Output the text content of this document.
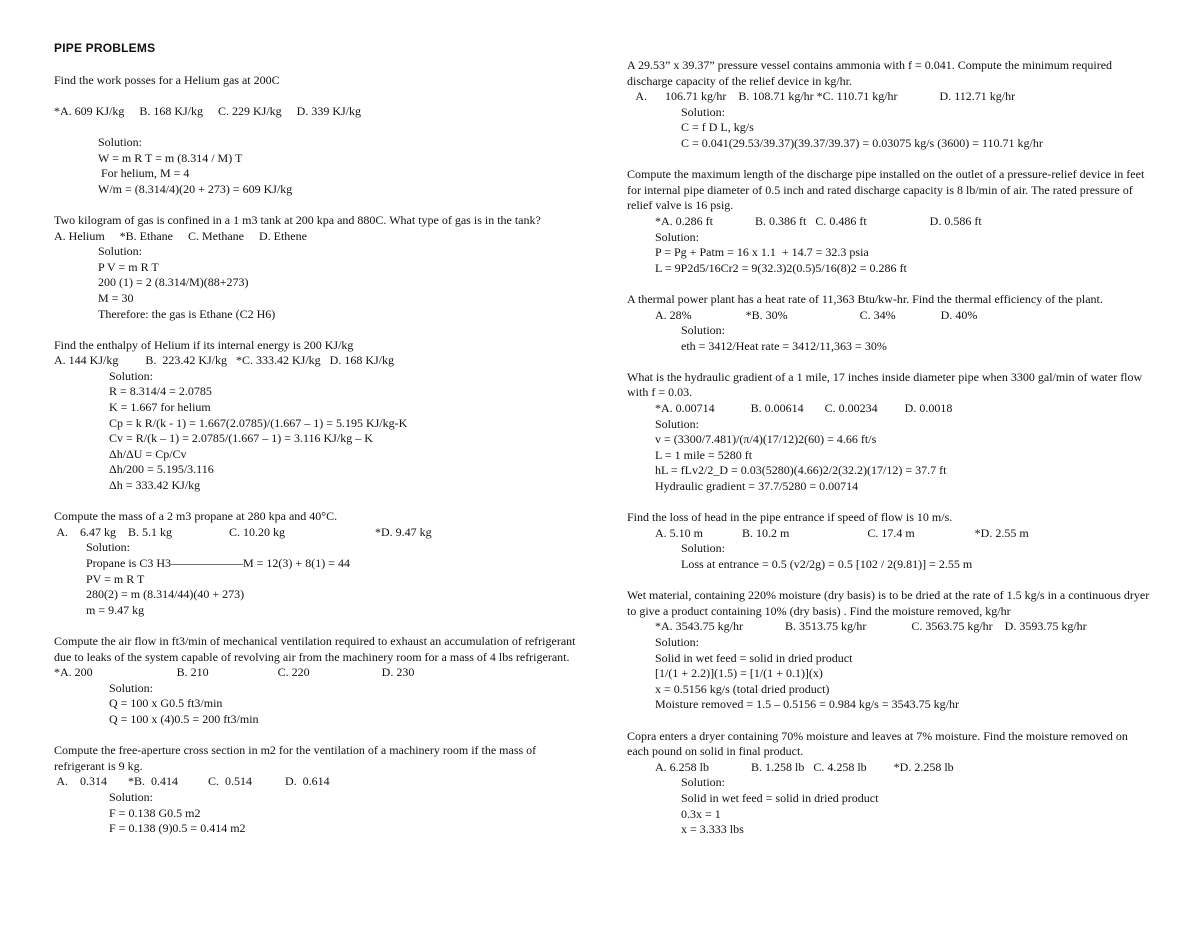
PIPE PROBLEMS
Find the work posses for a Helium gas at 200C
*A. 609 KJ/kg     B. 168 KJ/kg     C. 229 KJ/kg     D. 339 KJ/kg
Solution:
W = m R T = m (8.314 / M) T
For helium, M = 4
W/m = (8.314/4)(20 + 273) = 609 KJ/kg
Two kilogram of gas is confined in a 1 m3 tank at 200 kpa and 880C. What type of gas is in the tank?
A. Helium     *B. Ethane     C. Methane     D. Ethene
Solution:
P V = m R T
200 (1) = 2 (8.314/M)(88+273)
M = 30
Therefore: the gas is Ethane (C2 H6)
Find the enthalpy of Helium if its internal energy is 200 KJ/kg
A. 144 KJ/kg         B.  223.42 KJ/kg   *C. 333.42 KJ/kg   D. 168 KJ/kg
Solution:
R = 8.314/4 = 2.0785
K = 1.667 for helium
Cp = k R/(k - 1) = 1.667(2.0785)/(1.667 – 1) = 5.195 KJ/kg-K
Cv = R/(k – 1) = 2.0785/(1.667 – 1) = 3.116 KJ/kg – K
Δh/ΔU = Cp/Cv
Δh/200 = 5.195/3.116
Δh = 333.42 KJ/kg
Compute the mass of a 2 m3 propane at 280 kpa and 40°C.
A.    6.47 kg    B. 5.1 kg                   C. 10.20 kg                              *D. 9.47 kg
Solution:
Propane is C3 H3——————M = 12(3) + 8(1) = 44
PV = m R T
280(2) = m (8.314/44)(40 + 273)
m = 9.47 kg
Compute the air flow in ft3/min of mechanical ventilation required to exhaust an accumulation of refrigerant due to leaks of the system capable of revolving air from the machinery room for a mass of 4 lbs refrigerant.
*A. 200                            B. 210                       C. 220                        D. 230
Solution:
Q = 100 x G0.5 ft3/min
Q = 100 x (4)0.5 = 200 ft3/min
Compute the free-aperture cross section in m2 for the ventilation of a machinery room if the mass of refrigerant is 9 kg.
A.    0.314       *B.  0.414          C.  0.514           D.  0.614
Solution:
F = 0.138 G0.5 m2
F = 0.138 (9)0.5 = 0.414 m2
A 29.53” x 39.37” pressure vessel contains ammonia with f = 0.041. Compute the minimum required discharge capacity of the relief device in kg/hr.
A.      106.71 kg/hr    B. 108.71 kg/hr *C. 110.71 kg/hr              D. 112.71 kg/hr
Solution:
C = f D L, kg/s
C = 0.041(29.53/39.37)(39.37/39.37) = 0.03075 kg/s (3600) = 110.71 kg/hr
Compute the maximum length of the discharge pipe installed on the outlet of a pressure-relief device in feet for internal pipe diameter of 0.5 inch and rated discharge capacity is 8 lb/min of air. The rated pressure of relief valve is 16 psig.
*A. 0.286 ft              B. 0.386 ft   C. 0.486 ft                     D. 0.586 ft
Solution:
P = Pg + Patm = 16 x 1.1  + 14.7 = 32.3 psia
L = 9P2d5/16Cr2 = 9(32.3)2(0.5)5/16(8)2 = 0.286 ft
A thermal power plant has a heat rate of 11,363 Btu/kw-hr. Find the thermal efficiency of the plant.
A. 28%                  *B. 30%                        C. 34%               D. 40%
Solution:
eth = 3412/Heat rate = 3412/11,363 = 30%
What is the hydraulic gradient of a 1 mile, 17 inches inside diameter pipe when 3300 gal/min of water flow with f = 0.03.
*A. 0.00714            B. 0.00614       C. 0.00234         D. 0.0018
Solution:
v = (3300/7.481)/(π/4)(17/12)2(60) = 4.66 ft/s
L = 1 mile = 5280 ft
hL = fLv2/2_D = 0.03(5280)(4.66)2/2(32.2)(17/12) = 37.7 ft
Hydraulic gradient = 37.7/5280 = 0.00714
Find the loss of head in the pipe entrance if speed of flow is 10 m/s.
A. 5.10 m             B. 10.2 m                          C. 17.4 m                    *D. 2.55 m
Solution:
Loss at entrance = 0.5 (v2/2g) = 0.5 [102 / 2(9.81)] = 2.55 m
Wet material, containing 220% moisture (dry basis) is to be dried at the rate of 1.5 kg/s in a continuous dryer to give a product containing 10% (dry basis) . Find the moisture removed, kg/hr
*A. 3543.75 kg/hr              B. 3513.75 kg/hr               C. 3563.75 kg/hr    D. 3593.75 kg/hr
Solution:
Solid in wet feed = solid in dried product
[1/(1 + 2.2)](1.5) = [1/(1 + 0.1)](x)
x = 0.5156 kg/s (total dried product)
Moisture removed = 1.5 – 0.5156 = 0.984 kg/s = 3543.75 kg/hr
Copra enters a dryer containing 70% moisture and leaves at 7% moisture. Find the moisture removed on each pound on solid in final product.
A. 6.258 lb              B. 1.258 lb   C. 4.258 lb         *D. 2.258 lb
Solution:
Solid in wet feed = solid in dried product
0.3x = 1
x = 3.333 lbs
